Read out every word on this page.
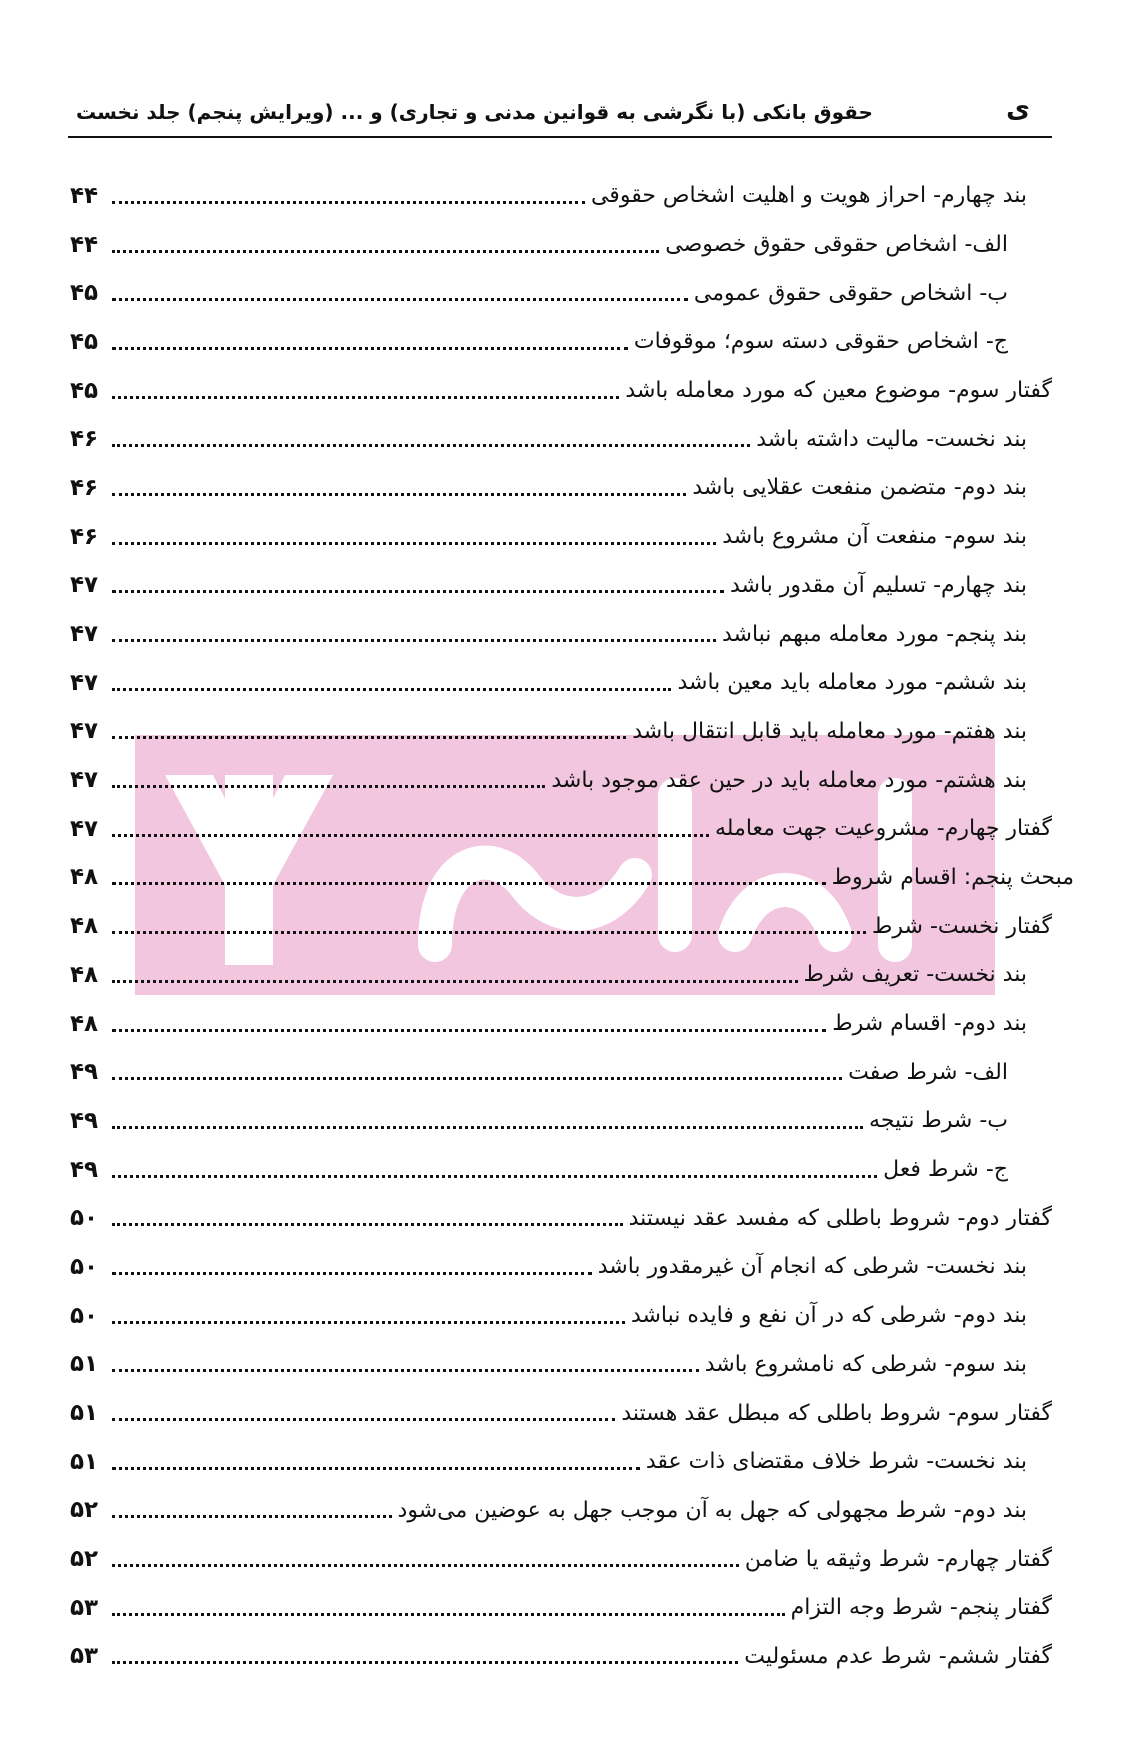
ی
حقوق بانکی (با نگرشی به قوانین مدنی و تجاری) و ... (ویرایش پنجم) جلد نخست
بند چهارم- احراز هویت و اهلیت اشخاص حقوقی
۴۴
الف- اشخاص حقوقی حقوق خصوصی
۴۴
ب- اشخاص حقوقی حقوق عمومی
۴۵
ج- اشخاص حقوقی دسته سوم؛ موقوفات
۴۵
گفتار سوم- موضوع معین که مورد معامله باشد
۴۵
بند نخست- مالیت داشته باشد
۴۶
بند دوم- متضمن منفعت عقلایی باشد
۴۶
بند سوم- منفعت آن مشروع باشد
۴۶
بند چهارم- تسلیم آن مقدور باشد
۴۷
بند پنجم- مورد معامله مبهم نباشد
۴۷
بند ششم- مورد معامله باید معین باشد
۴۷
بند هفتم- مورد معامله باید قابل انتقال باشد
۴۷
بند هشتم- مورد معامله باید در حین عقد موجود باشد
۴۷
گفتار چهارم- مشروعیت جهت معامله
۴۷
مبحث پنجم: اقسام شروط
۴۸
گفتار نخست- شرط
۴۸
بند نخست- تعریف شرط
۴۸
بند دوم- اقسام شرط
۴۸
الف- شرط صفت
۴۹
ب- شرط نتیجه
۴۹
ج- شرط فعل
۴۹
گفتار دوم- شروط باطلی که مفسد عقد نیستند
۵۰
بند نخست- شرطی که انجام آن غیرمقدور باشد
۵۰
بند دوم- شرطی که در آن نفع و فایده نباشد
۵۰
بند سوم- شرطی که نامشروع باشد
۵۱
گفتار سوم- شروط باطلی که مبطل عقد هستند
۵۱
بند نخست- شرط خلاف مقتضای ذات عقد
۵۱
بند دوم- شرط مجهولی که جهل به آن موجب جهل به عوضین می‌شود
۵۲
گفتار چهارم- شرط وثیقه یا ضامن
۵۲
گفتار پنجم- شرط وجه التزام
۵۳
گفتار ششم- شرط عدم مسئولیت
۵۳
